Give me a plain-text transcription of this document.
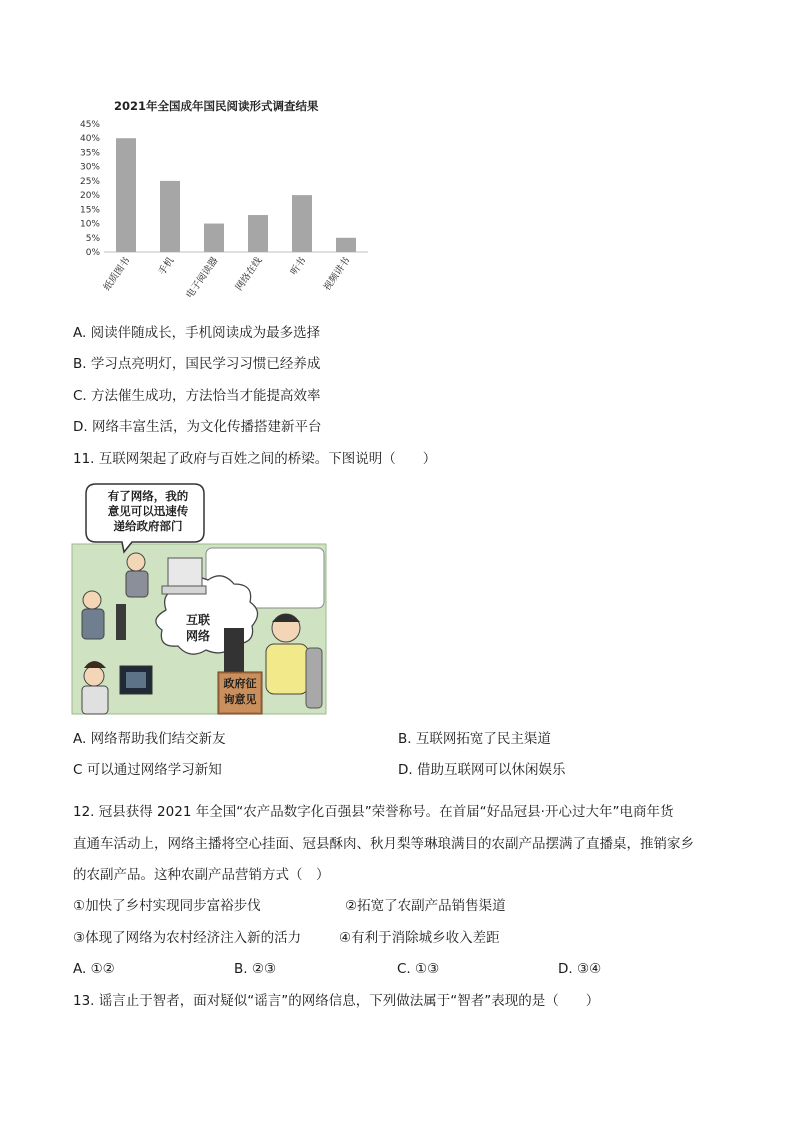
2021年全国成年国民阅读形式调查结果
0%
5%
10%
15%
20%
25%
30%
35%
40%
45%
纸质图书	手机 电子阅读器 网络在线	听书 视频讲书
A. 阅读伴随成长，手机阅读成为最多选择
B. 学习点亮明灯，国民学习习惯已经养成
C. 方法催生成功，方法恰当才能提高效率
D. 网络丰富生活，为文化传播搭建新平台
11. 互联网架起了政府与百姓之间的桥梁。下图说明（　　）
有了网络，我的
意见可以迅速传
递给政府部门
互联
网络
政府征
询意见
A. 网络帮助我们结交新友	B. 互联网拓宽了民主渠道
C 可以通过网络学习新知	D. 借助互联网可以休闲娱乐
12. 冠县获得 2021 年全国“农产品数字化百强县”荣誉称号。在首届“好品冠县·开心过大年”电商年货
直通车活动上，网络主播将空心挂面、冠县酥肉、秋月梨等琳琅满目的农副产品摆满了直播桌，推销家乡
的农副产品。这种农副产品营销方式（　）
①加快了乡村实现同步富裕步伐	②拓宽了农副产品销售渠道
③体现了网络为农村经济注入新的活力	④有利于消除城乡收入差距
A. ①②	B. ②③	C. ①③	D. ③④
13. 谣言止于智者，面对疑似“谣言”的网络信息，下列做法属于“智者”表现的是（　　）
